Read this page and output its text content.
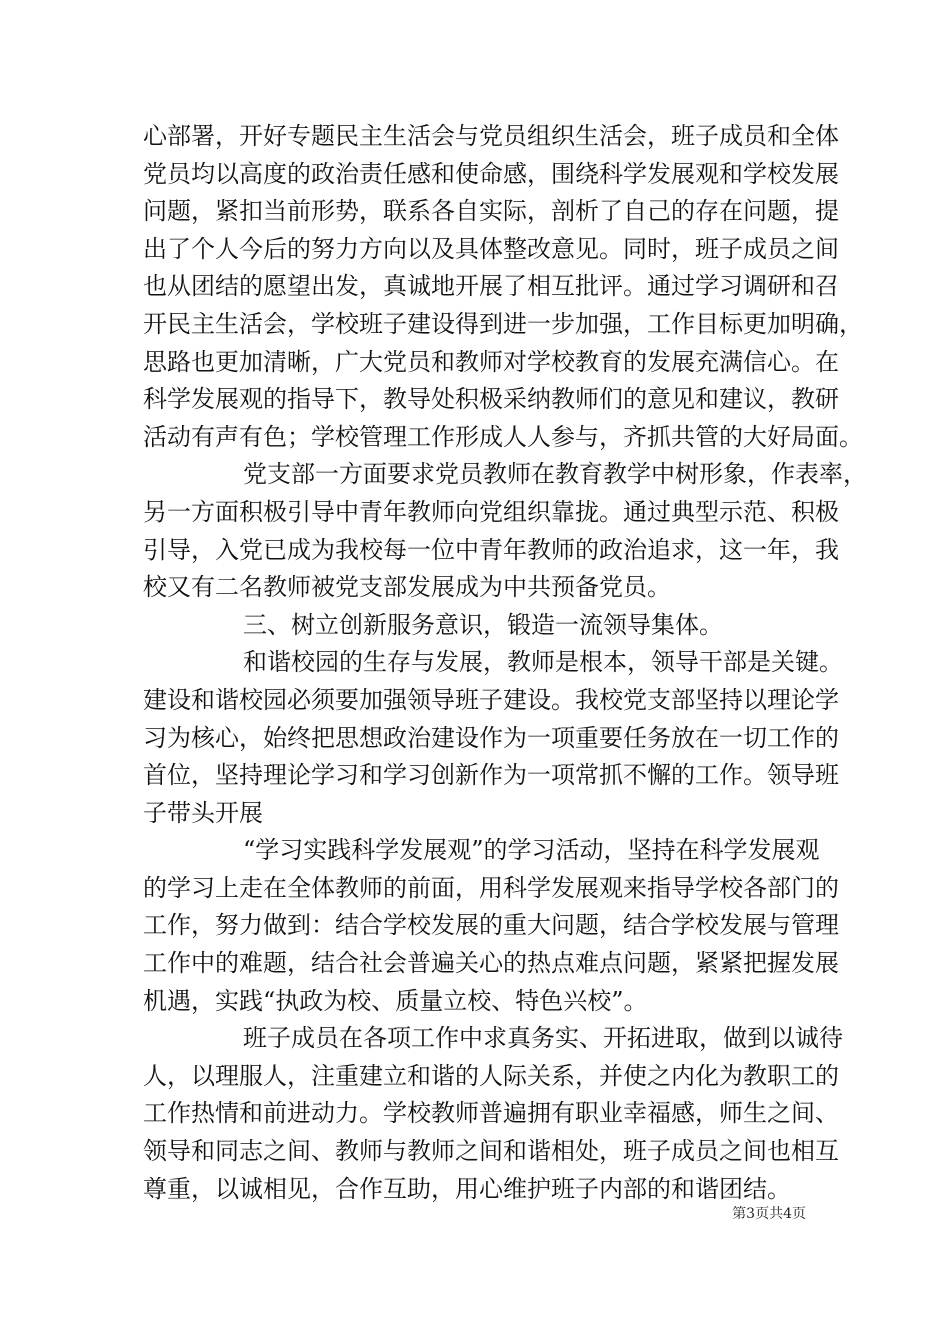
心部署，开好专题民主生活会与党员组织生活会，班子成员和全体
党员均以高度的政治责任感和使命感，围绕科学发展观和学校发展
问题，紧扣当前形势，联系各自实际，剖析了自己的存在问题，提
出了个人今后的努力方向以及具体整改意见。同时，班子成员之间
也从团结的愿望出发，真诚地开展了相互批评。通过学习调研和召
开民主生活会，学校班子建设得到进一步加强，工作目标更加明确，
思路也更加清晰，广大党员和教师对学校教育的发展充满信心。在
科学发展观的指导下，教导处积极采纳教师们的意见和建议，教研
活动有声有色；学校管理工作形成人人参与，齐抓共管的大好局面。
党支部一方面要求党员教师在教育教学中树形象，作表率，
另一方面积极引导中青年教师向党组织靠拢。通过典型示范、积极
引导，入党已成为我校每一位中青年教师的政治追求，这一年，我
校又有二名教师被党支部发展成为中共预备党员。
三、树立创新服务意识，锻造一流领导集体。
和谐校园的生存与发展，教师是根本，领导干部是关键。
建设和谐校园必须要加强领导班子建设。我校党支部坚持以理论学
习为核心，始终把思想政治建设作为一项重要任务放在一切工作的
首位，坚持理论学习和学习创新作为一项常抓不懈的工作。领导班
子带头开展
“学习实践科学发展观”的学习活动，坚持在科学发展观
的学习上走在全体教师的前面，用科学发展观来指导学校各部门的
工作，努力做到：结合学校发展的重大问题，结合学校发展与管理
工作中的难题，结合社会普遍关心的热点难点问题，紧紧把握发展
机遇，实践“执政为校、质量立校、特色兴校”。
班子成员在各项工作中求真务实、开拓进取，做到以诚待
人，以理服人，注重建立和谐的人际关系，并使之内化为教职工的
工作热情和前进动力。学校教师普遍拥有职业幸福感，师生之间、
领导和同志之间、教师与教师之间和谐相处，班子成员之间也相互
尊重，以诚相见，合作互助，用心维护班子内部的和谐团结。
第3页共4页
